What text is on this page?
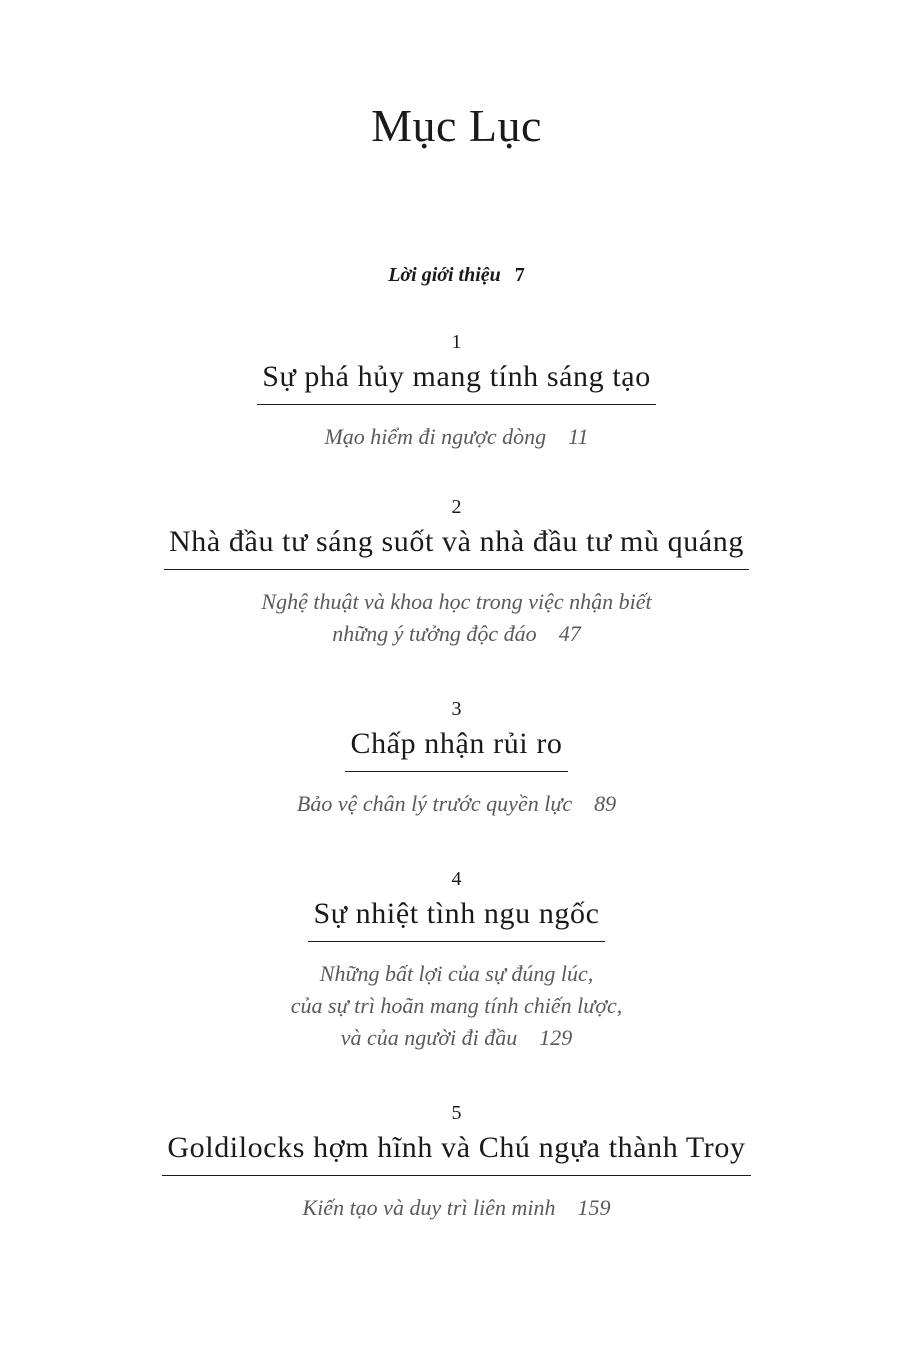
Mục Lục
Lời giới thiệu 7
1
Sự phá hủy mang tính sáng tạo
Mạo hiểm đi ngược dòng 11
2
Nhà đầu tư sáng suốt và nhà đầu tư mù quáng
Nghệ thuật và khoa học trong việc nhận biết
những ý tưởng độc đáo 47
3
Chấp nhận rủi ro
Bảo vệ chân lý trước quyền lực 89
4
Sự nhiệt tình ngu ngốc
Những bất lợi của sự đúng lúc,
của sự trì hoãn mang tính chiến lược,
và của người đi đầu 129
5
Goldilocks hợm hĩnh và Chú ngựa thành Troy
Kiến tạo và duy trì liên minh 159
